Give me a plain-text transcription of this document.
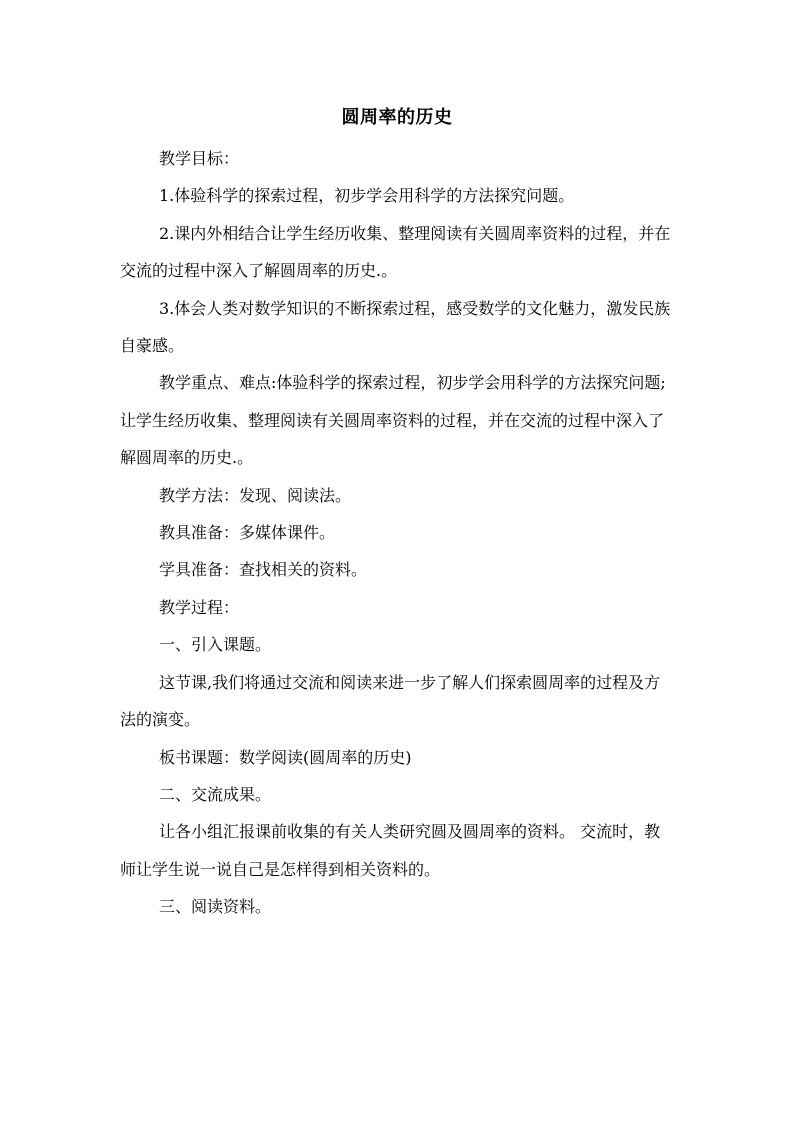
圆周率的历史

教学目标：

1.体验科学的探索过程，初步学会用科学的方法探究问题。

2.课内外相结合让学生经历收集、整理阅读有关圆周率资料的过程，并在交流的过程中深入了解圆周率的历史.。

3.体会人类对数学知识的不断探索过程，感受数学的文化魅力，激发民族自豪感。

教学重点、难点:体验科学的探索过程，初步学会用科学的方法探究问题;让学生经历收集、整理阅读有关圆周率资料的过程，并在交流的过程中深入了解圆周率的历史.。

教学方法：发现、阅读法。

教具准备：多媒体课件。

学具准备：查找相关的资料。

教学过程：

一、引入课题。

这节课,我们将通过交流和阅读来进一步了解人们探索圆周率的过程及方法的演变。

板书课题：数学阅读(圆周率的历史)

二、交流成果。

让各小组汇报课前收集的有关人类研究圆及圆周率的资料。 交流时，教师让学生说一说自己是怎样得到相关资料的。

三、阅读资料。
